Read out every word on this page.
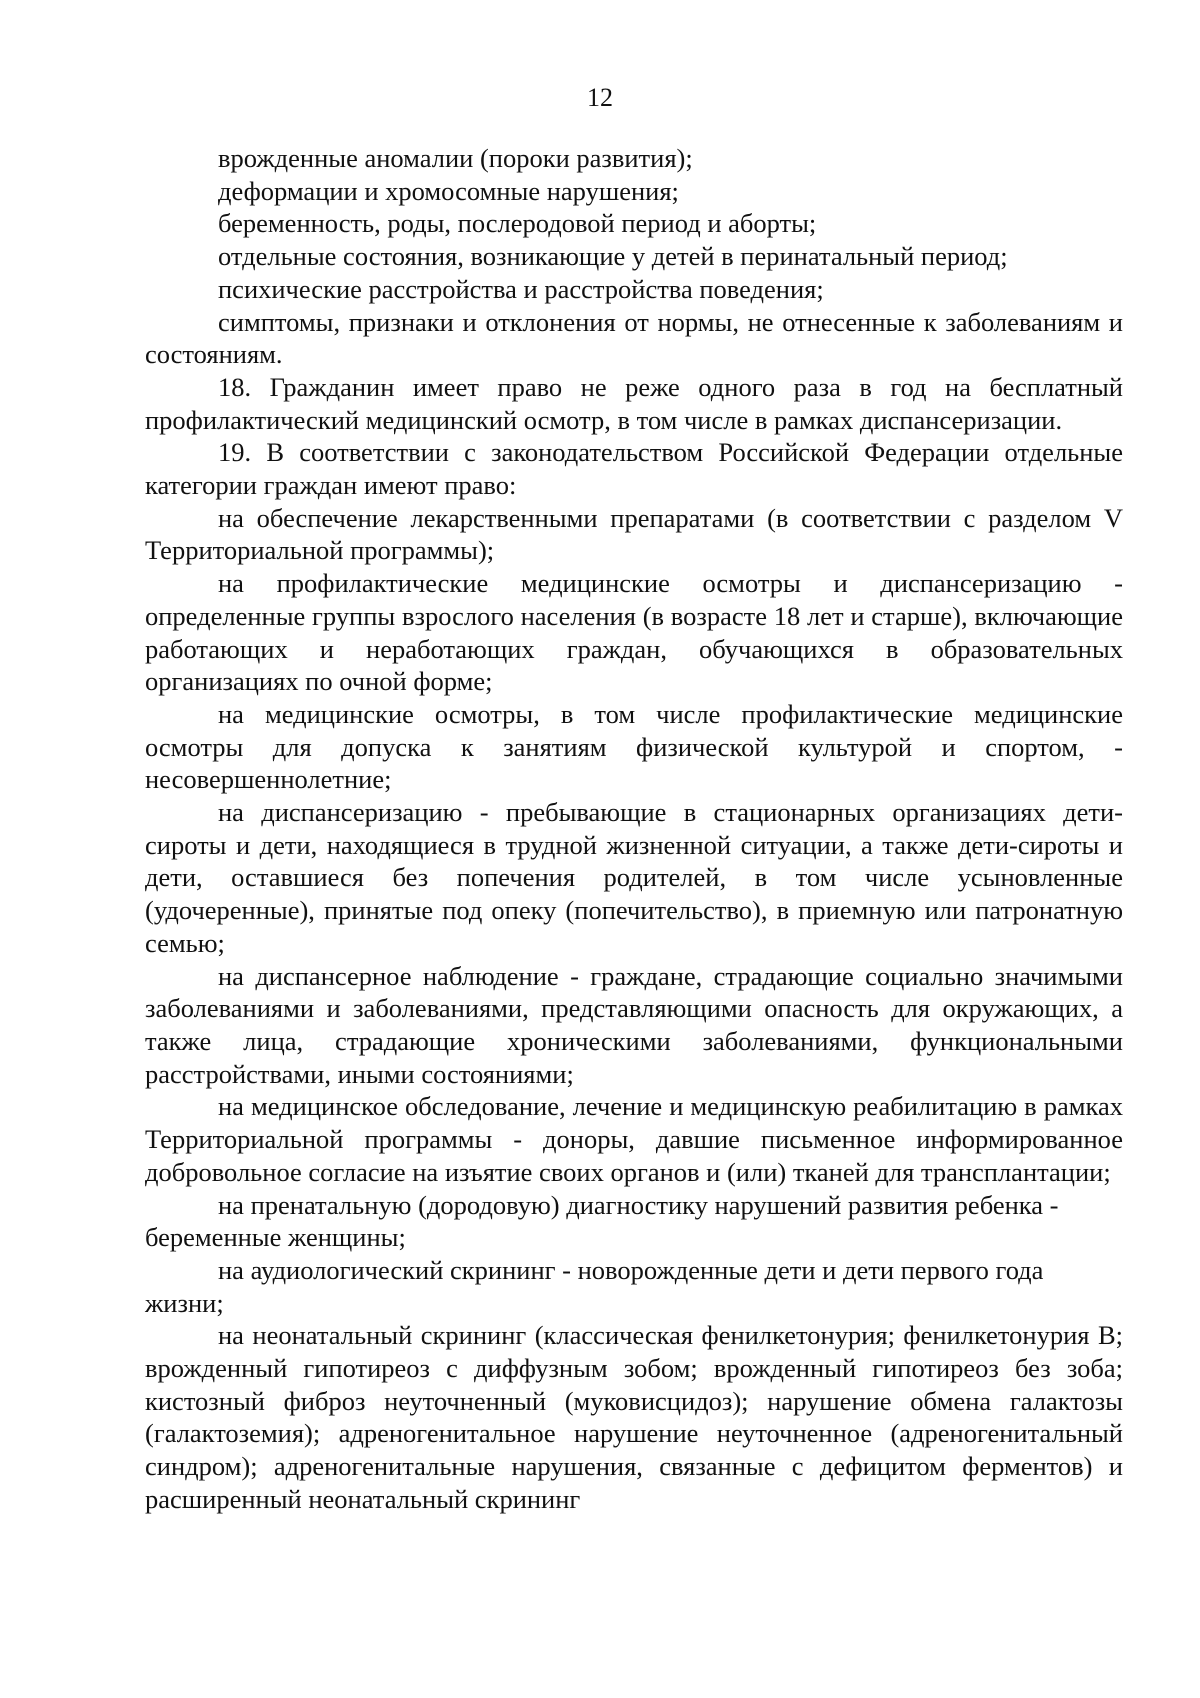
12

врожденные аномалии (пороки развития);

деформации и хромосомные нарушения;

беременность, роды, послеродовой период и аборты;

отдельные состояния, возникающие у детей в перинатальный период;

психические расстройства и расстройства поведения;

симптомы, признаки и отклонения от нормы, не отнесенные к заболеваниям и состояниям.

18. Гражданин имеет право не реже одного раза в год на бесплатный профилактический медицинский осмотр, в том числе в рамках диспансеризации.

19. В соответствии с законодательством Российской Федерации отдельные категории граждан имеют право:

на обеспечение лекарственными препаратами (в соответствии с разделом V Территориальной программы);

на профилактические медицинские осмотры и диспансеризацию - определенные группы взрослого населения (в возрасте 18 лет и старше), включающие работающих и неработающих граждан, обучающихся в образовательных организациях по очной форме;

на медицинские осмотры, в том числе профилактические медицинские осмотры для допуска к занятиям физической культурой и спортом, - несовершеннолетние;

на диспансеризацию - пребывающие в стационарных организациях дети-сироты и дети, находящиеся в трудной жизненной ситуации, а также дети-сироты и дети, оставшиеся без попечения родителей, в том числе усыновленные (удочеренные), принятые под опеку (попечительство), в приемную или патронатную семью;

на диспансерное наблюдение - граждане, страдающие социально значимыми заболеваниями и заболеваниями, представляющими опасность для окружающих, а также лица, страдающие хроническими заболеваниями, функциональными расстройствами, иными состояниями;

на медицинское обследование, лечение и медицинскую реабилитацию в рамках Территориальной программы - доноры, давшие письменное информированное добровольное согласие на изъятие своих органов и (или) тканей для трансплантации;

на пренатальную (дородовую) диагностику нарушений развития ребенка - беременные женщины;

на аудиологический скрининг - новорожденные дети и дети первого года жизни;

на неонатальный скрининг (классическая фенилкетонурия; фенилкетонурия B; врожденный гипотиреоз с диффузным зобом; врожденный гипотиреоз без зоба; кистозный фиброз неуточненный (муковисцидоз); нарушение обмена галактозы (галактоземия); адреногенитальное нарушение неуточненное (адреногенитальный синдром); адреногенитальные нарушения, связанные с дефицитом ферментов) и расширенный неонатальный скрининг
